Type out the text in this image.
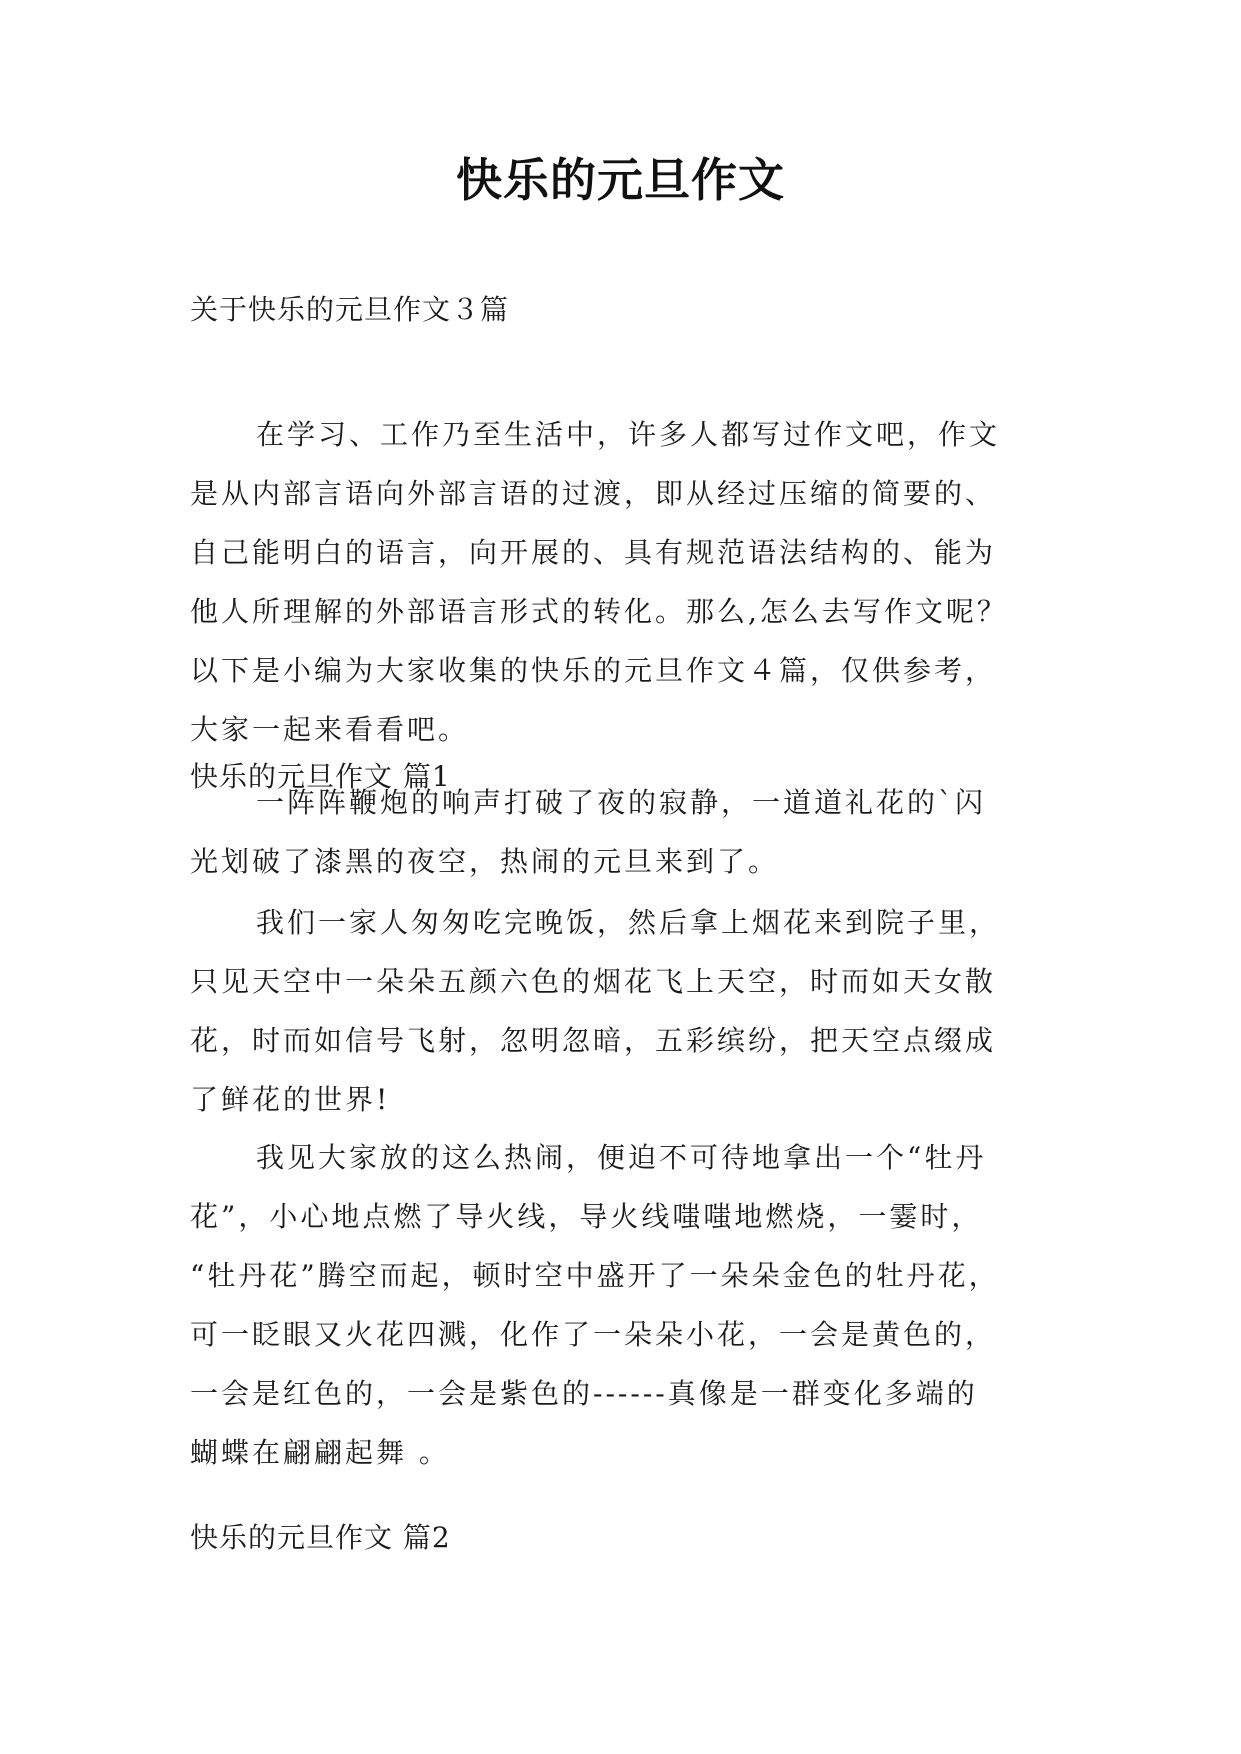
快乐的元旦作文
关于快乐的元旦作文３篇
在学习、工作乃至生活中，许多人都写过作文吧，作文
是从内部言语向外部言语的过渡，即从经过压缩的简要的、
自己能明白的语言，向开展的、具有规范语法结构的、能为
他人所理解的外部语言形式的转化。那么,怎么去写作文呢？
以下是小编为大家收集的快乐的元旦作文４篇，仅供参考，
大家一起来看看吧。
快乐的元旦作文 篇1
一阵阵鞭炮的响声打破了夜的寂静，一道道礼花的`闪
光划破了漆黑的夜空，热闹的元旦来到了。
我们一家人匆匆吃完晚饭，然后拿上烟花来到院子里，
只见天空中一朵朵五颜六色的烟花飞上天空，时而如天女散
花，时而如信号飞射，忽明忽暗，五彩缤纷，把天空点缀成
了鲜花的世界!
我见大家放的这么热闹，便迫不可待地拿出一个“牡丹
花”，小心地点燃了导火线，导火线嗤嗤地燃烧，一霎时，
“牡丹花”腾空而起，顿时空中盛开了一朵朵金色的牡丹花，
可一眨眼又火花四溅，化作了一朵朵小花，一会是黄色的，
一会是红色的，一会是紫色的------真像是一群变化多端的
蝴蝶在翩翩起舞 。
快乐的元旦作文 篇2
